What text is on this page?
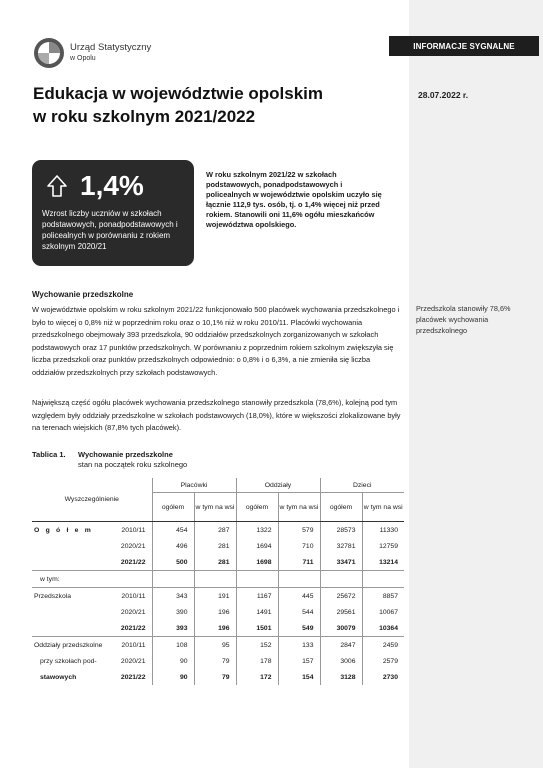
Urząd Statystyczny
w Opolu
INFORMACJE SYGNALNE
Edukacja w województwie opolskim
w roku szkolnym 2021/2022
28.07.2022 r.
1,4%
Wzrost liczby uczniów w szkołach podstawowych, ponadpodstawowych i policealnych w porównaniu z rokiem szkolnym 2020/21
W roku szkolnym 2021/22 w szkołach podstawowych, ponadpodstawowych i policealnych w województwie opolskim uczyło się łącznie 112,9 tys. osób, tj. o 1,4% więcej niż przed rokiem. Stanowili oni 11,6% ogółu mieszkańców województwa opolskiego.
Wychowanie przedszkolne

W województwie opolskim w roku szkolnym 2021/22 funkcjonowało 500 placówek wychowania przedszkolnego i było to więcej o 0,8% niż w poprzednim roku oraz o 10,1% niż w roku 2010/11. Placówki wychowania przedszkolnego obejmowały 393 przedszkola, 90 oddziałów przedszkolnych zorganizowanych w szkołach podstawowych oraz 17 punktów przedszkolnych. W porównaniu z poprzednim rokiem szkolnym zwiększyła się liczba przedszkoli oraz punktów przedszkolnych odpowiednio: o 0,8% i o 6,3%, a nie zmieniła się liczba oddziałów przedszkolnych przy szkołach podstawowych.

Największą część ogółu placówek wychowania przedszkolnego stanowiły przedszkola (78,6%), kolejną pod tym względem były oddziały przedszkolne w szkołach podstawowych (18,0%), które w większości zlokalizowane były na terenach wiejskich (87,8% tych placówek).

Przedszkola stanowiły 78,6% placówek wychowania przedszkolnego
Tablica 1. Wychowanie przedszkolne
stan na początek roku szkolnego
Wyszczególnienie		Placówki		Oddziały		Dzieci	
		ogółem	w tym na wsi	ogółem	w tym na wsi	ogółem	w tym na wsi
O g ó ł e m	2010/11	454	287	1322	579	28573	11330
	2020/21	496	281	1694	710	32781	12759
	2021/22	500	281	1698	711	33471	13214
w tym:							
Przedszkola	2010/11	343	191	1167	445	25672	8857
	2020/21	390	196	1491	544	29561	10067
	2021/22	393	196	1501	549	30079	10364
Oddziały przedszkolne	2010/11	108	95	152	133	2847	2459
przy szkołach pod-	2020/21	90	79	178	157	3006	2579
stawowych	2021/22	90	79	172	154	3128	2730
